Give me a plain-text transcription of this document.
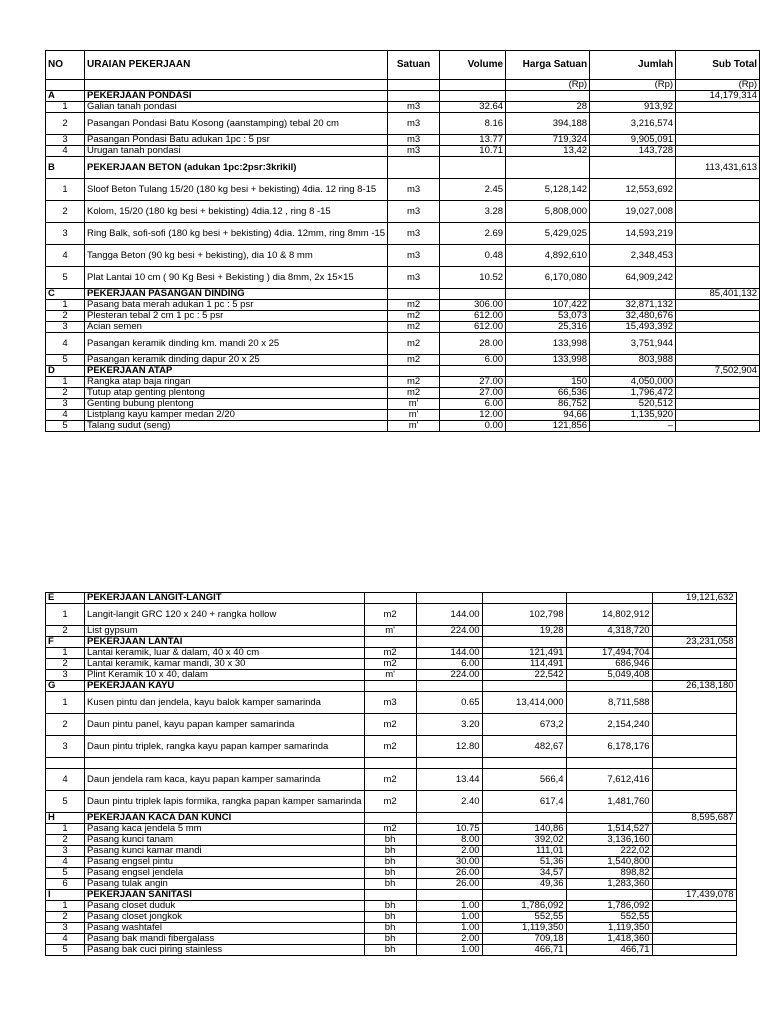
NO	URAIAN PEKERJAAN	Satuan	Volume	Harga Satuan	Jumlah	Sub Total
				(Rp)	(Rp)	(Rp)
A	PEKERJAAN PONDASI					14,179,314
1	Galian tanah pondasi	m3	32.64	28	913,92	
2	Pasangan Pondasi Batu Kosong (aanstamping) tebal 20 cm	m3	8.16	394,188	3,216,574	
3	Pasangan Pondasi Batu adukan 1pc : 5 psr	m3	13.77	719,324	9,905,091	
4	Urugan tanah pondasi	m3	10.71	13,42	143,728	
B	PEKERJAAN BETON (adukan 1pc:2psr:3krikil)					113,431,613
1	Sloof Beton Tulang 15/20 (180 kg besi + bekisting) 4dia. 12 ring 8-15	m3	2.45	5,128,142	12,553,692	
2	Kolom, 15/20 (180 kg besi + bekisting) 4dia.12 , ring 8 -15	m3	3.28	5,808,000	19,027,008	
3	Ring Balk, sofi-sofi (180 kg besi + bekisting) 4dia. 12mm, ring 8mm -15	m3	2.69	5,429,025	14,593,219	
4	Tangga Beton (90 kg besi + bekisting), dia 10 & 8 mm	m3	0.48	4,892,610	2,348,453	
5	Plat Lantai 10 cm ( 90 Kg Besi + Bekisting ) dia 8mm, 2x 15×15	m3	10.52	6,170,080	64,909,242	
C	PEKERJAAN PASANGAN DINDING					85,401,132
1	Pasang bata merah adukan 1 pc : 5 psr	m2	306.00	107,422	32,871,132	
2	Plesteran tebal 2 cm 1 pc : 5 psr	m2	612.00	53,073	32,480,676	
3	Acian semen	m2	612.00	25,316	15,493,392	
4	Pasangan keramik dinding km. mandi 20 x 25	m2	28.00	133,998	3,751,944	
5	Pasangan keramik dinding dapur 20 x 25	m2	6.00	133,998	803,988	
D	PEKERJAAN ATAP					7,502,904
1	Rangka atap baja ringan	m2	27.00	150	4,050,000	
2	Tutup atap genting plentong	m2	27.00	66,536	1,796,472	
3	Genting bubung plentong	m'	6.00	86,752	520,512	
4	Listplang kayu kamper medan 2/20	m'	12.00	94,66	1,135,920	
5	Talang sudut (seng)	m'	0.00	121,856	–	
E	PEKERJAAN LANGIT-LANGIT					19,121,632
1	Langit-langit GRC 120 x 240 + rangka hollow	m2	144.00	102,798	14,802,912	
2	List gypsum	m'	224.00	19,28	4,318,720	
F	PEKERJAAN LANTAI					23,231,058
1	Lantai keramik, luar & dalam, 40 x 40 cm	m2	144.00	121,491	17,494,704	
2	Lantai keramik, kamar mandi, 30 x 30	m2	6.00	114,491	686,946	
3	Plint Keramik 10 x 40, dalam	m'	224.00	22,542	5,049,408	
G	PEKERJAAN KAYU					26,138,180
1	Kusen pintu dan jendela, kayu balok kamper samarinda	m3	0.65	13,414,000	8,711,588	
2	Daun pintu panel, kayu papan kamper samarinda	m2	3.20	673,2	2,154,240	
3	Daun pintu triplek, rangka kayu papan kamper samarinda	m2	12.80	482,67	6,178,176	

4	Daun jendela ram kaca, kayu papan kamper samarinda	m2	13.44	566,4	7,612,416	
5	Daun pintu triplek lapis formika, rangka papan kamper samarinda	m2	2.40	617,4	1,481,760	
H	PEKERJAAN KACA DAN KUNCI					8,595,687
1	Pasang kaca jendela 5 mm	m2	10.75	140,86	1,514,527	
2	Pasang kunci tanam	bh	8.00	392,02	3,136,160	
3	Pasang kunci kamar mandi	bh	2.00	111,01	222,02	
4	Pasang engsel pintu	bh	30.00	51,36	1,540,800	
5	Pasang engsel jendela	bh	26.00	34,57	898,82	
6	Pasang tulak angin	bh	26.00	49,36	1,283,360	
I	PEKERJAAN SANITASI					17,439,078
1	Pasang closet duduk	bh	1.00	1,786,092	1,786,092	
2	Pasang closet jongkok	bh	1.00	552,55	552,55	
3	Pasang washtafel	bh	1.00	1,119,350	1,119,350	
4	Pasang bak mandi fibergalass	bh	2.00	709,18	1,418,360	
5	Pasang bak cuci piring stainless	bh	1.00	466,71	466,71	
